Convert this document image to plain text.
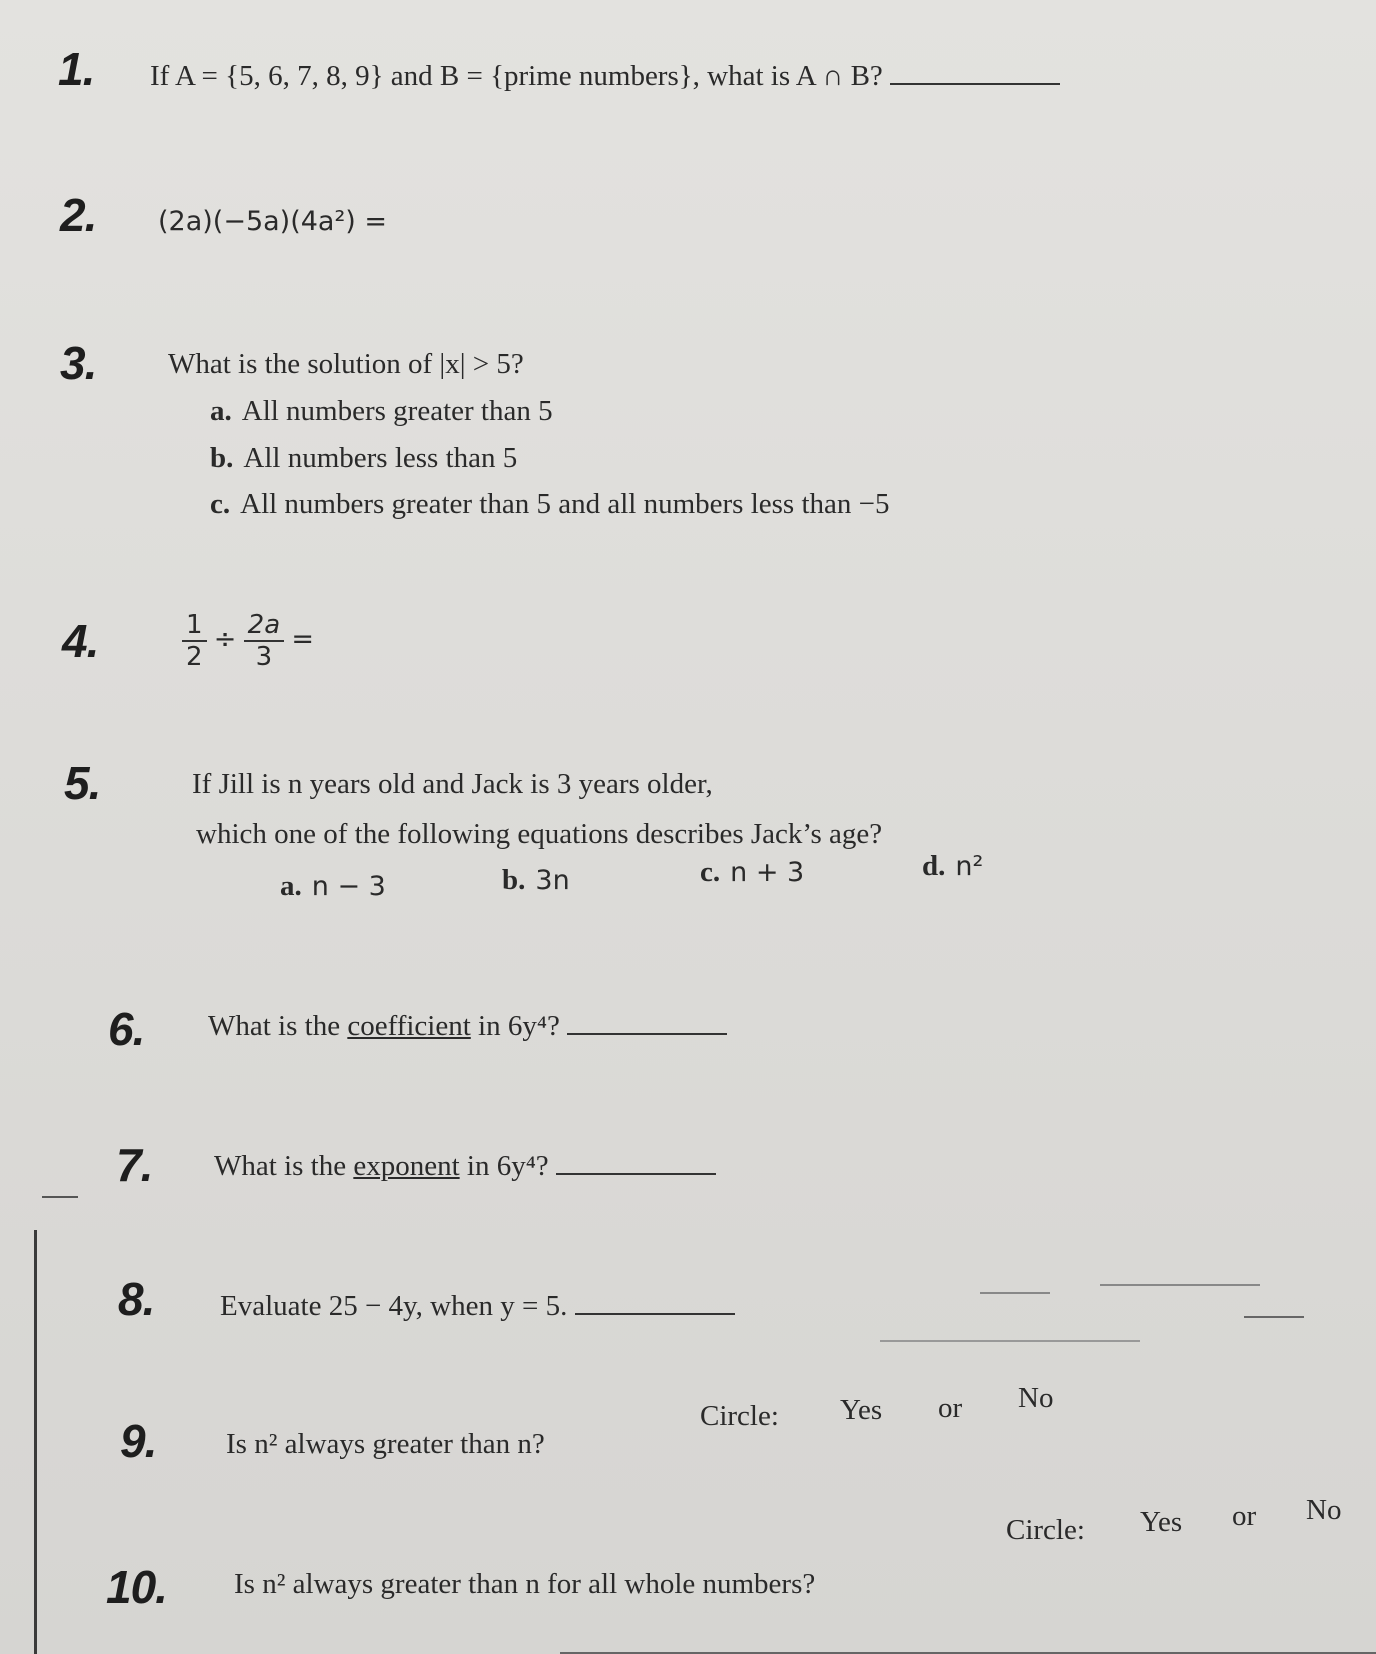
1. If A = {5, 6, 7, 8, 9} and B = {prime numbers}, what is A ∩ B?
2. (2a)(−5a)(4a²) =
3. What is the solution of |x| > 5?
a. All numbers greater than 5
b. All numbers less than 5
c. All numbers greater than 5 and all numbers less than −5
4.	$\frac{1}{2} \div \frac{2a}{3}$ =
5.	If Jill is n years old and Jack is 3 years older,
which one of the following equations describes Jack’s age?
a. n − 3	b. 3n	c. n + 3	d. n²
6. What is the coefficient in 6y⁴?
7. What is the exponent in 6y⁴?
8. Evaluate 25 − 4y, when y = 5.
9. Is n² always greater than n?
Circle: Yes or No
10. Is n² always greater than n for all whole numbers?
Circle: Yes or No
